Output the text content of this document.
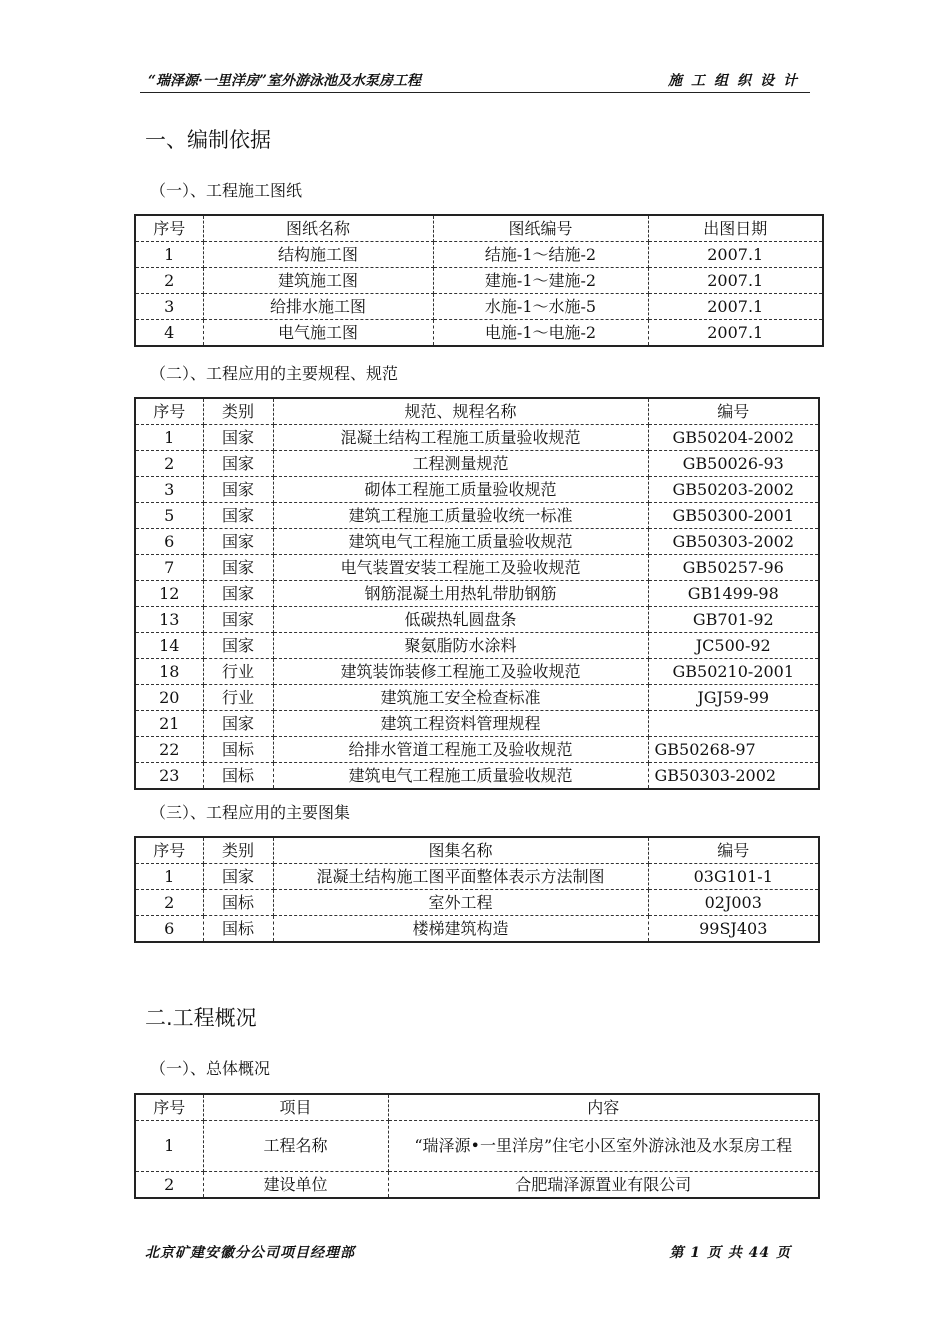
“瑞泽源·一里洋房”室外游泳池及水泵房工程	施工组织设计
一、编制依据
（一）、工程施工图纸
序号	图纸名称	图纸编号	出图日期
1	结构施工图	结施-1～结施-2	2007.1
2	建筑施工图	建施-1～建施-2	2007.1
3	给排水施工图	水施-1～水施-5	2007.1
4	电气施工图	电施-1～电施-2	2007.1
（二）、工程应用的主要规程、规范
序号	类别	规范、规程名称	编号
1	国家	混凝土结构工程施工质量验收规范	GB50204-2002
2	国家	工程测量规范	GB50026-93
3	国家	砌体工程施工质量验收规范	GB50203-2002
5	国家	建筑工程施工质量验收统一标准	GB50300-2001
6	国家	建筑电气工程施工质量验收规范	GB50303-2002
7	国家	电气装置安装工程施工及验收规范	GB50257-96
12	国家	钢筋混凝土用热轧带肋钢筋	GB1499-98
13	国家	低碳热轧圆盘条	GB701-92
14	国家	聚氨脂防水涂料	JC500-92
18	行业	建筑装饰装修工程施工及验收规范	GB50210-2001
20	行业	建筑施工安全检查标准	JGJ59-99
21	国家	建筑工程资料管理规程	
22	国标	给排水管道工程施工及验收规范	GB50268-97
23	国标	建筑电气工程施工质量验收规范	GB50303-2002
（三）、工程应用的主要图集
序号	类别	图集名称	编号
1	国家	混凝土结构施工图平面整体表示方法制图	03G101-1
2	国标	室外工程	02J003
6	国标	楼梯建筑构造	99SJ403
二.工程概况
（一）、总体概况
序号	项目	内容
1	工程名称	“瑞泽源•一里洋房”住宅小区室外游泳池及水泵房工程
2	建设单位	合肥瑞泽源置业有限公司
北京矿建安徽分公司项目经理部	第 1 页 共 44 页
